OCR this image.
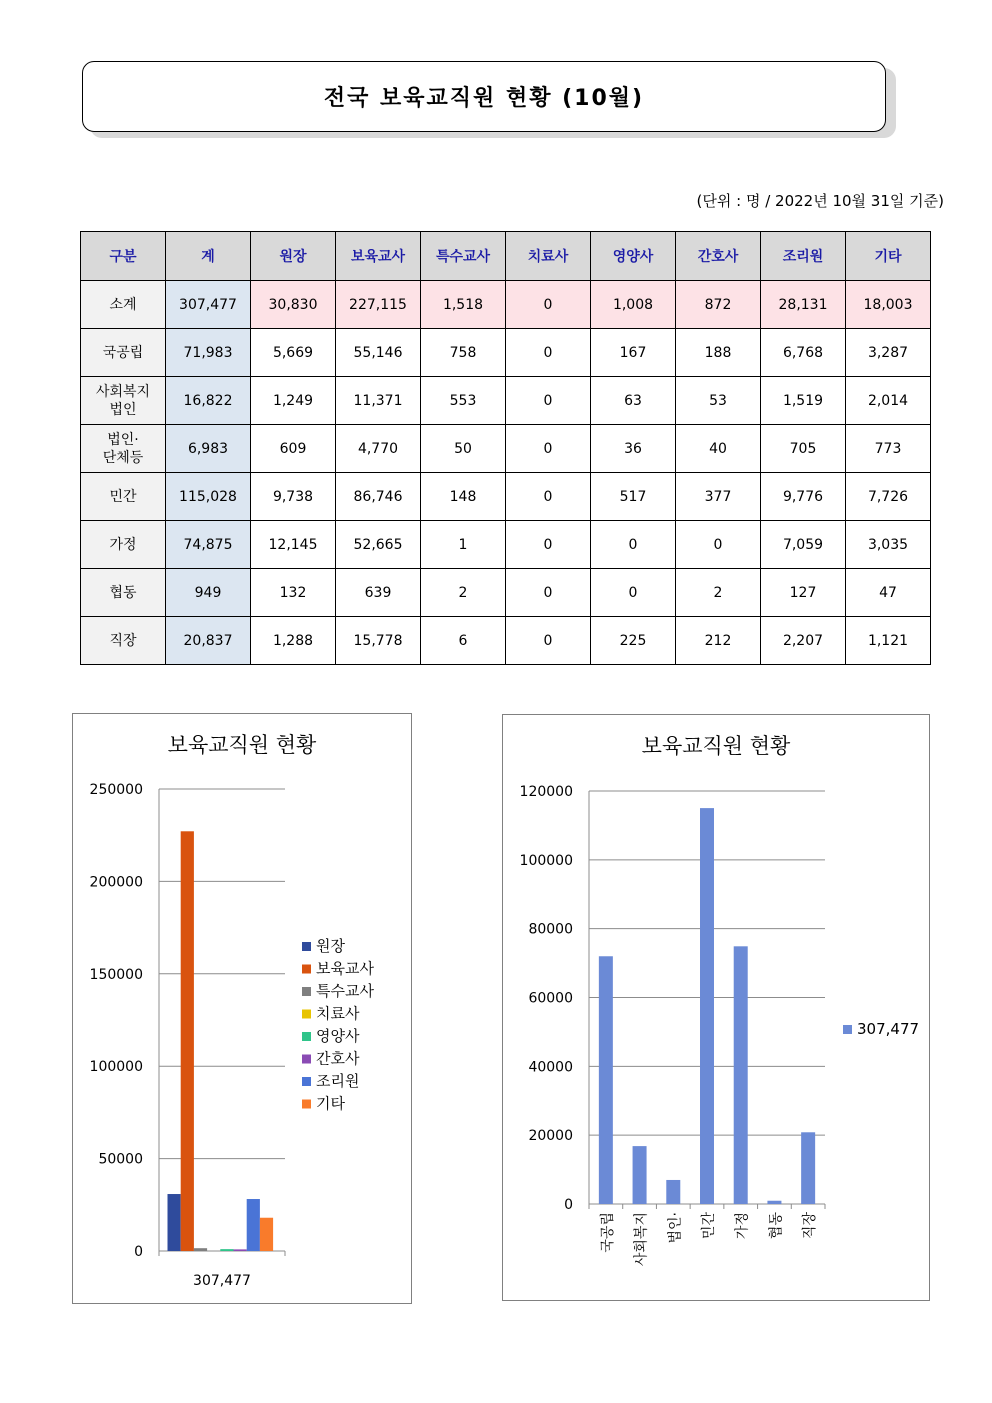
전국 보육교직원 현황 (10월)
(단위 : 명 / 2022년 10월 31일 기준)
구분	계	원장	보육교사	특수교사	치료사	영양사	간호사	조리원	기타

소계	307,477	30,830	227,115	1,518	0	1,008	872	28,131	18,003

국공립	71,983	5,669	55,146	758	0	167	188	6,768	3,287

사회복지
법인	16,822	1,249	11,371	553	0	63	53	1,519	2,014

법인·
단체등	6,983	609	4,770	50	0	36	40	705	773

민간	115,028	9,738	86,746	148	0	517	377	9,776	7,726

가정	74,875	12,145	52,665	1	0	0	0	7,059	3,035

협동	949	132	639	2	0	0	2	127	47

직장	20,837	1,288	15,778	6	0	225	212	2,207	1,121
보육교직원 현황
250000
200000
150000
100000
50000
0
307,477
원장
보육교사
특수교사
치료사
영양사
간호사
조리원
기타
보육교직원 현황
120000
100000
80000
60000
40000
20000
0
국공립 사회복지 법인· 민간 가정 협동 직장
307,477
